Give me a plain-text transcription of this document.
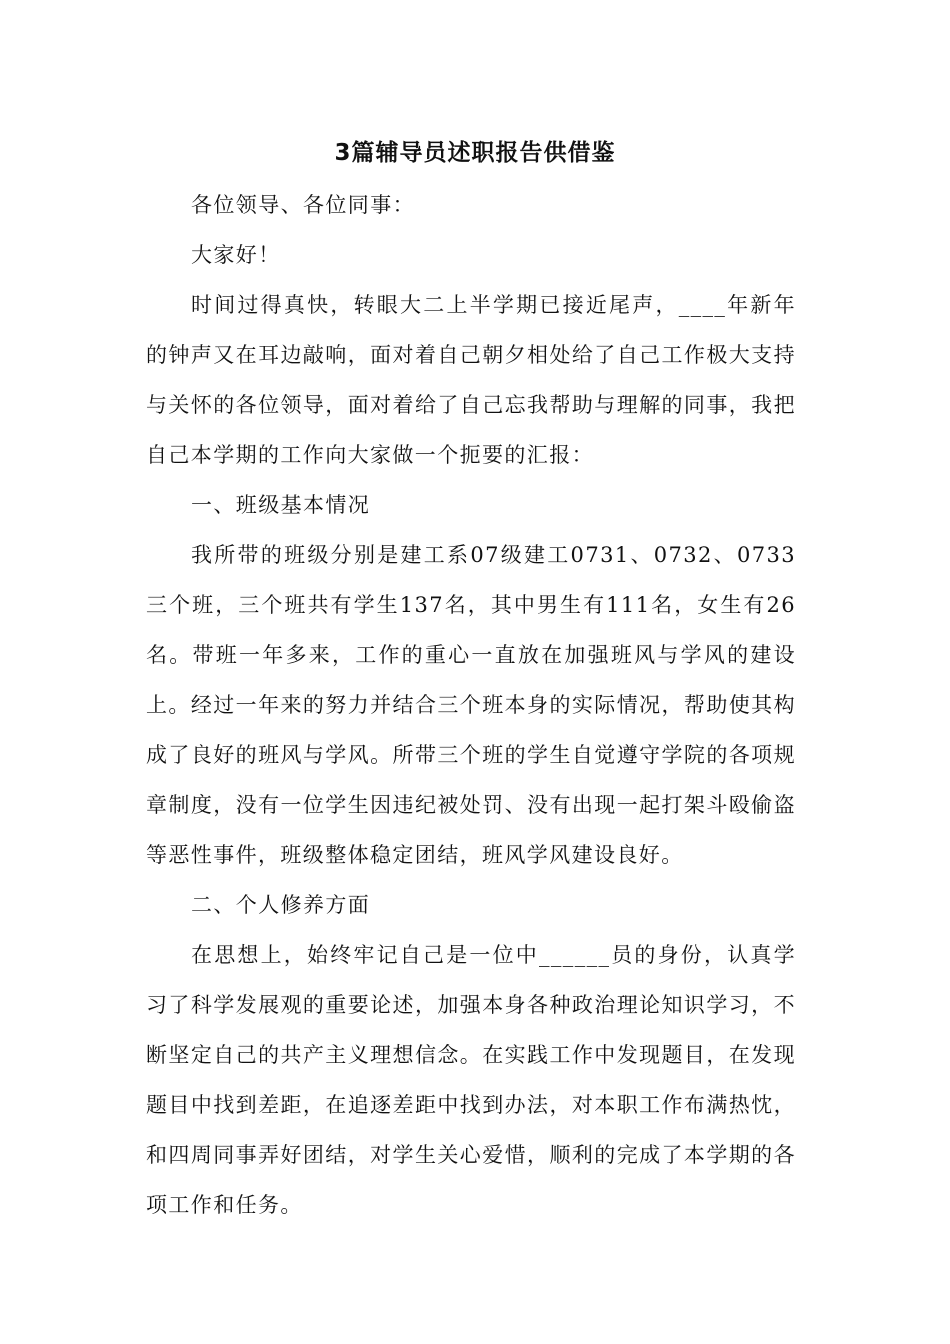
3篇辅导员述职报告供借鉴

各位领导、各位同事：

大家好！

时间过得真快，转眼大二上半学期已接近尾声，____年新年的钟声又在耳边敲响，面对着自己朝夕相处给了自己工作极大支持与关怀的各位领导，面对着给了自己忘我帮助与理解的同事，我把自己本学期的工作向大家做一个扼要的汇报：

一、班级基本情况

我所带的班级分别是建工系07级建工0731、0732、0733三个班，三个班共有学生137名，其中男生有111名，女生有26名。带班一年多来，工作的重心一直放在加强班风与学风的建设上。经过一年来的努力并结合三个班本身的实际情况，帮助使其构成了良好的班风与学风。所带三个班的学生自觉遵守学院的各项规章制度，没有一位学生因违纪被处罚、没有出现一起打架斗殴偷盗等恶性事件，班级整体稳定团结，班风学风建设良好。

二、个人修养方面

在思想上，始终牢记自己是一位中______员的身份，认真学习了科学发展观的重要论述，加强本身各种政治理论知识学习，不断坚定自己的共产主义理想信念。在实践工作中发现题目，在发现题目中找到差距，在追逐差距中找到办法，对本职工作布满热忱，和四周同事弄好团结，对学生关心爱惜，顺利的完成了本学期的各项工作和任务。
